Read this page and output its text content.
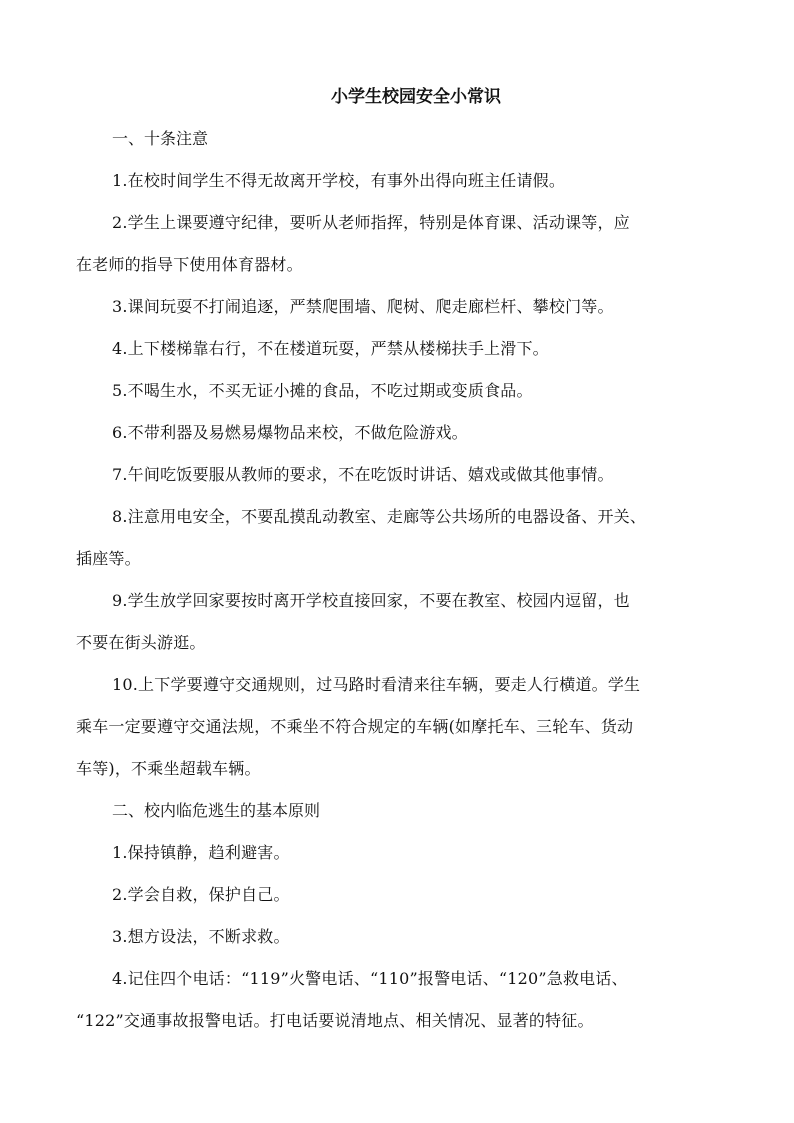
小学生校园安全小常识

一、十条注意

1.在校时间学生不得无故离开学校，有事外出得向班主任请假。

2.学生上课要遵守纪律，要听从老师指挥，特别是体育课、活动课等，应
在老师的指导下使用体育器材。

3.课间玩耍不打闹追逐，严禁爬围墙、爬树、爬走廊栏杆、攀校门等。

4.上下楼梯靠右行，不在楼道玩耍，严禁从楼梯扶手上滑下。

5.不喝生水，不买无证小摊的食品，不吃过期或变质食品。

6.不带利器及易燃易爆物品来校，不做危险游戏。

7.午间吃饭要服从教师的要求，不在吃饭时讲话、嬉戏或做其他事情。

8.注意用电安全，不要乱摸乱动教室、走廊等公共场所的电器设备、开关、
插座等。

9.学生放学回家要按时离开学校直接回家，不要在教室、校园内逗留，也
不要在街头游逛。

10.上下学要遵守交通规则，过马路时看清来往车辆，要走人行横道。学生
乘车一定要遵守交通法规，不乘坐不符合规定的车辆(如摩托车、三轮车、货动
车等)，不乘坐超载车辆。

二、校内临危逃生的基本原则

1.保持镇静，趋利避害。

2.学会自救，保护自己。

3.想方设法，不断求救。

4.记住四个电话：“119”火警电话、“110”报警电话、“120”急救电话、
“122”交通事故报警电话。打电话要说清地点、相关情况、显著的特征。
